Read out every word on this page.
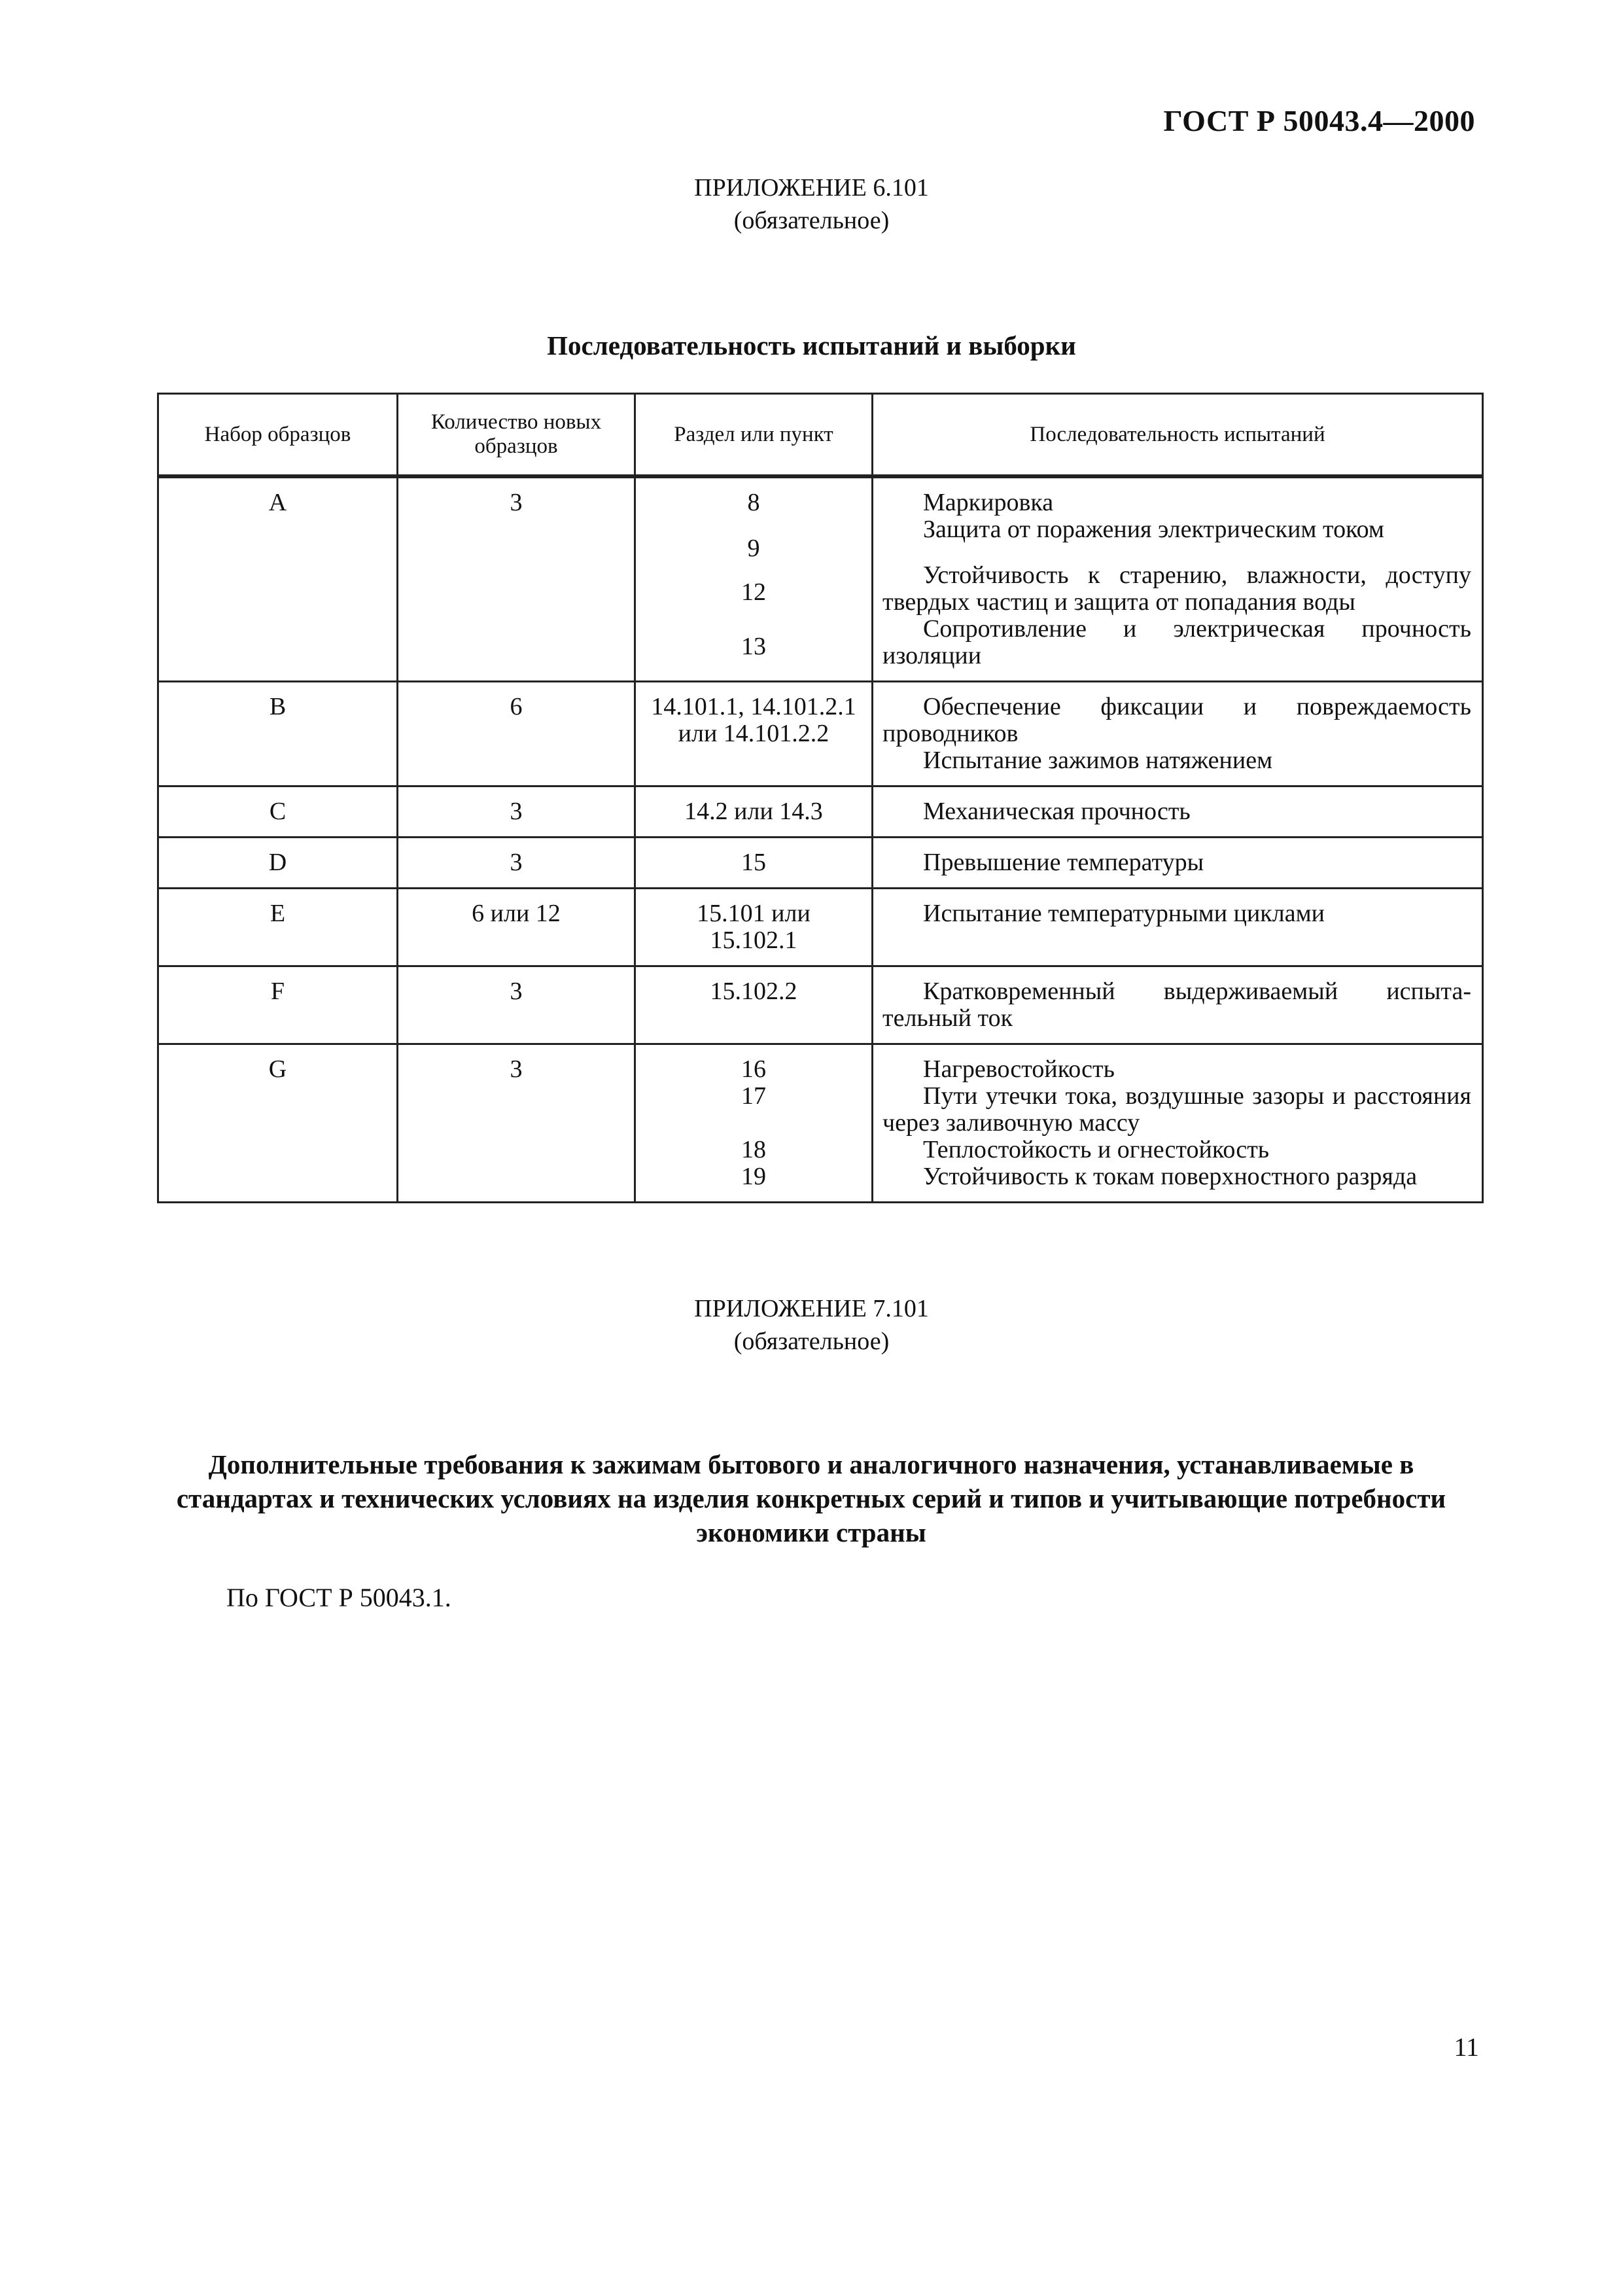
ГОСТ Р 50043.4—2000
ПРИЛОЖЕНИЕ 6.101
(обязательное)
Последовательность испытаний и выборки
Набор образцов	Количество новых образцов	Раздел или пункт	Последовательность испытаний
A	3	8	Маркировка

		9	Защита от поражения электрическим током

		12	Устойчивость к старению, влажности, доступу твердых частиц и защита от попадания воды

		13	Сопротивление и электрическая прочность изоляции

B	6	14.101.1, 14.101.2.1 или 14.101.2.2	Обеспечение фиксации и повреждаемость проводников

			Испытание зажимов натяжением

C	3	14.2 или 14.3	Механическая прочность

D	3	15	Превышение температуры

E	6 или 12	15.101 или 15.102.1	Испытание температурными циклами

F	3	15.102.2	Кратковременный выдерживаемый испыта-тельный ток

G	3	16	Нагревостойкость

		17	Пути утечки тока, воздушные зазоры и расстояния через заливочную массу

		18	Теплостойкость и огнестойкость

		19	Устойчивость к токам поверхностного разряда
ПРИЛОЖЕНИЕ 7.101
(обязательное)
Дополнительные требования к зажимам бытового и аналогичного назначения, устанавливаемые в стандартах и технических условиях на изделия конкретных серий и типов и учитывающие потребности экономики страны
По ГОСТ Р 50043.1.
11
